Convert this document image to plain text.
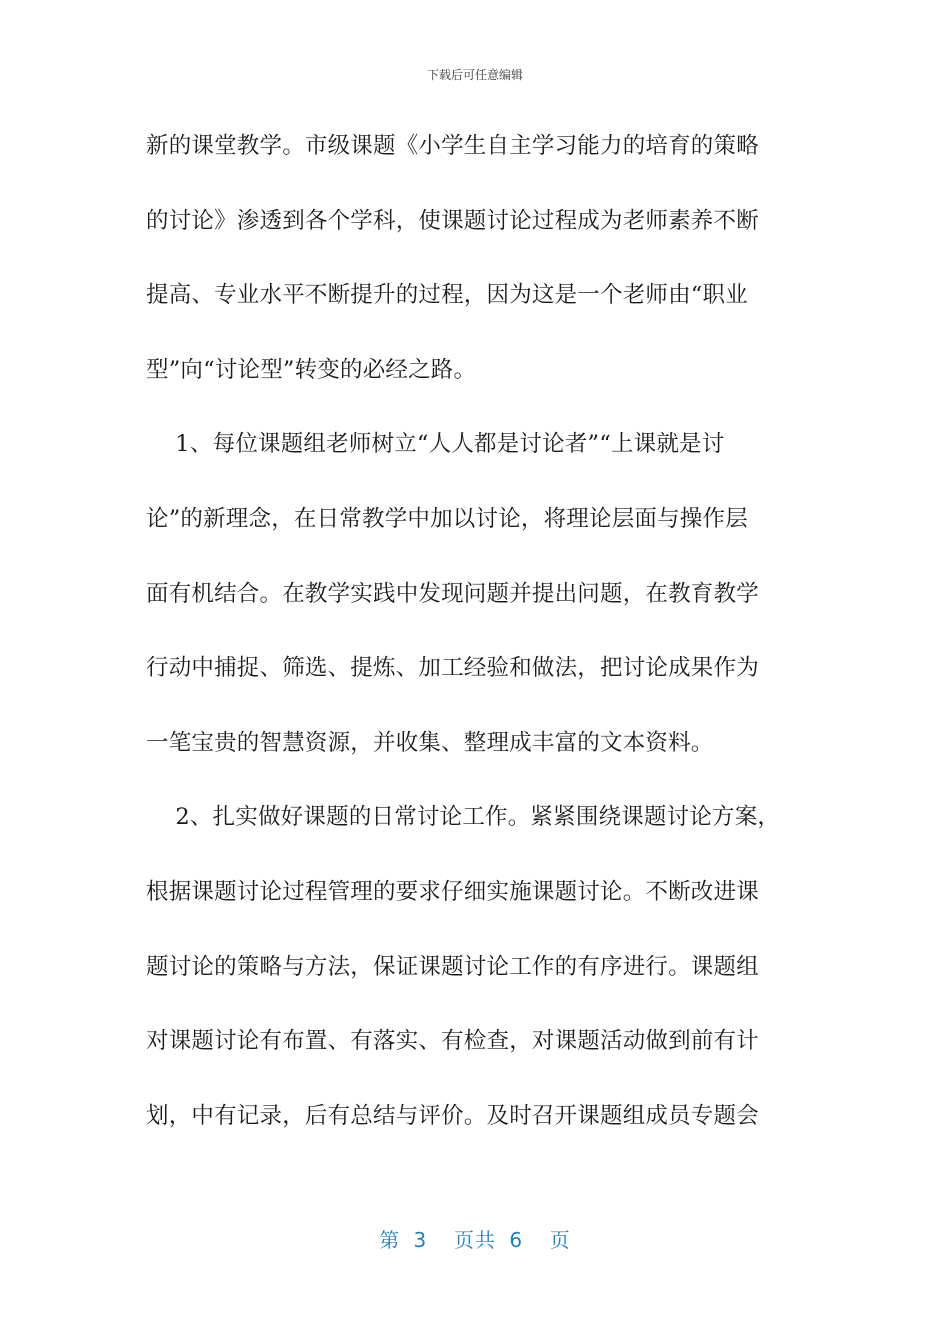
下载后可任意编辑
新的课堂教学。市级课题《小学生自主学习能力的培育的策略
的讨论》渗透到各个学科，使课题讨论过程成为老师素养不断
提高、专业水平不断提升的过程，因为这是一个老师由“职业
型”向“讨论型”转变的必经之路。
1、每位课题组老师树立“人人都是讨论者”“上课就是讨
论”的新理念，在日常教学中加以讨论，将理论层面与操作层
面有机结合。在教学实践中发现问题并提出问题，在教育教学
行动中捕捉、筛选、提炼、加工经验和做法，把讨论成果作为
一笔宝贵的智慧资源，并收集、整理成丰富的文本资料。
2、扎实做好课题的日常讨论工作。紧紧围绕课题讨论方案，
根据课题讨论过程管理的要求仔细实施课题讨论。不断改进课
题讨论的策略与方法，保证课题讨论工作的有序进行。课题组
对课题讨论有布置、有落实、有检查，对课题活动做到前有计
划，中有记录，后有总结与评价。及时召开课题组成员专题会
第 3  页共 6  页
